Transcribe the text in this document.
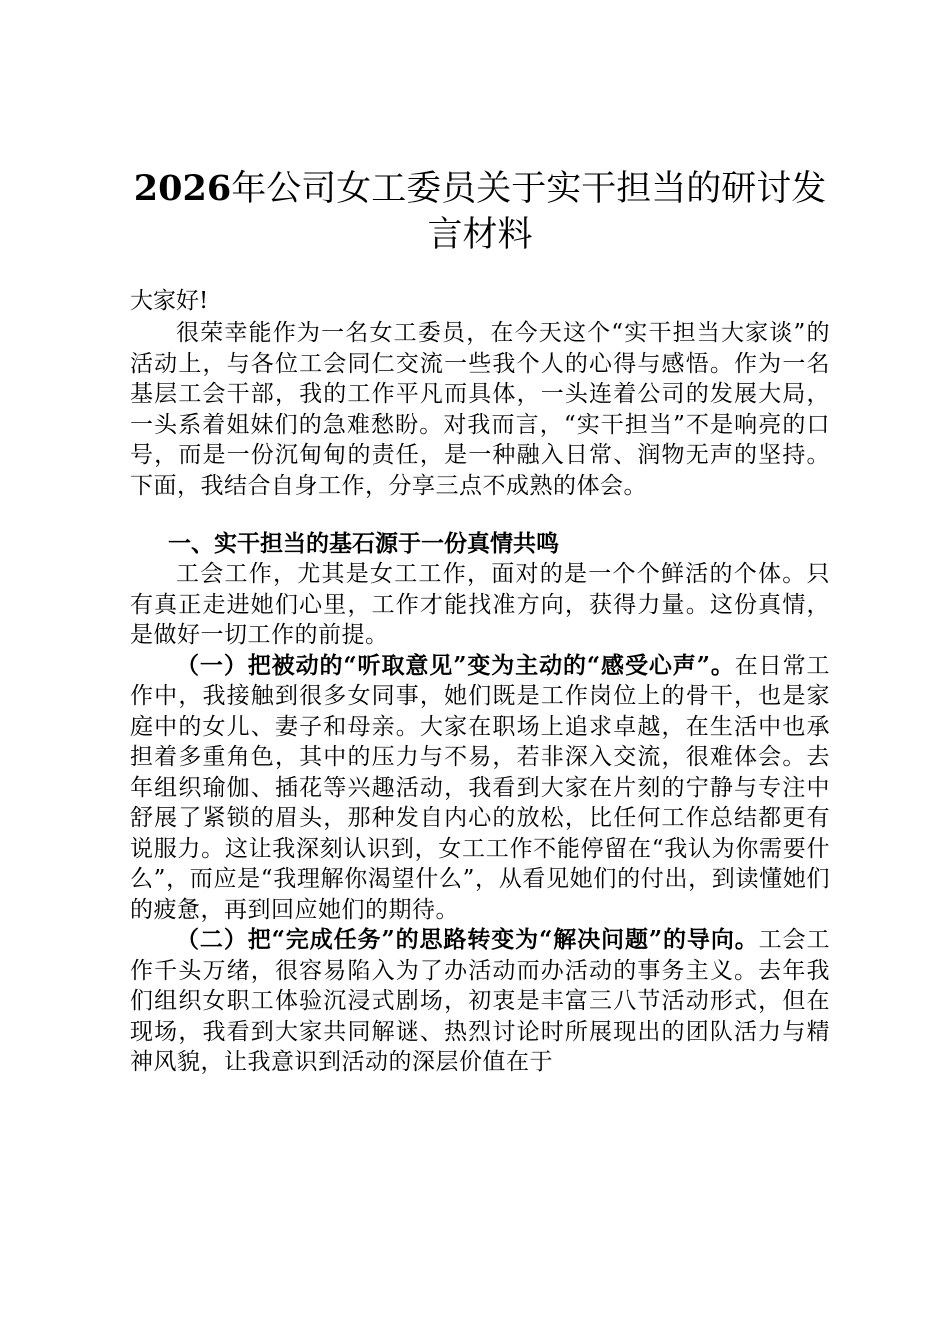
2026年公司女工委员关于实干担当的研讨发言材料
大家好!

很荣幸能作为一名女工委员，在今天这个“实干担当大家谈”的活动上，与各位工会同仁交流一些我个人的心得与感悟。作为一名基层工会干部，我的工作平凡而具体，一头连着公司的发展大局，一头系着姐妹们的急难愁盼。对我而言，“实干担当”不是响亮的口号，而是一份沉甸甸的责任，是一种融入日常、润物无声的坚持。下面，我结合自身工作，分享三点不成熟的体会。

一、实干担当的基石源于一份真情共鸣

工会工作，尤其是女工工作，面对的是一个个鲜活的个体。只有真正走进她们心里，工作才能找准方向，获得力量。这份真情，是做好一切工作的前提。

（一）把被动的“听取意见”变为主动的“感受心声”。在日常工作中，我接触到很多女同事，她们既是工作岗位上的骨干，也是家庭中的女儿、妻子和母亲。大家在职场上追求卓越，在生活中也承担着多重角色，其中的压力与不易，若非深入交流，很难体会。去年组织瑜伽、插花等兴趣活动，我看到大家在片刻的宁静与专注中舒展了紧锁的眉头，那种发自内心的放松，比任何工作总结都更有说服力。这让我深刻认识到，女工工作不能停留在“我认为你需要什么”，而应是“我理解你渴望什么”，从看见她们的付出，到读懂她们的疲惫，再到回应她们的期待。

（二）把“完成任务”的思路转变为“解决问题”的导向。工会工作千头万绪，很容易陷入为了办活动而办活动的事务主义。去年我们组织女职工体验沉浸式剧场，初衷是丰富三八节活动形式，但在现场，我看到大家共同解谜、热烈讨论时所展现出的团队活力与精神风貌，让我意识到活动的深层价值在于
